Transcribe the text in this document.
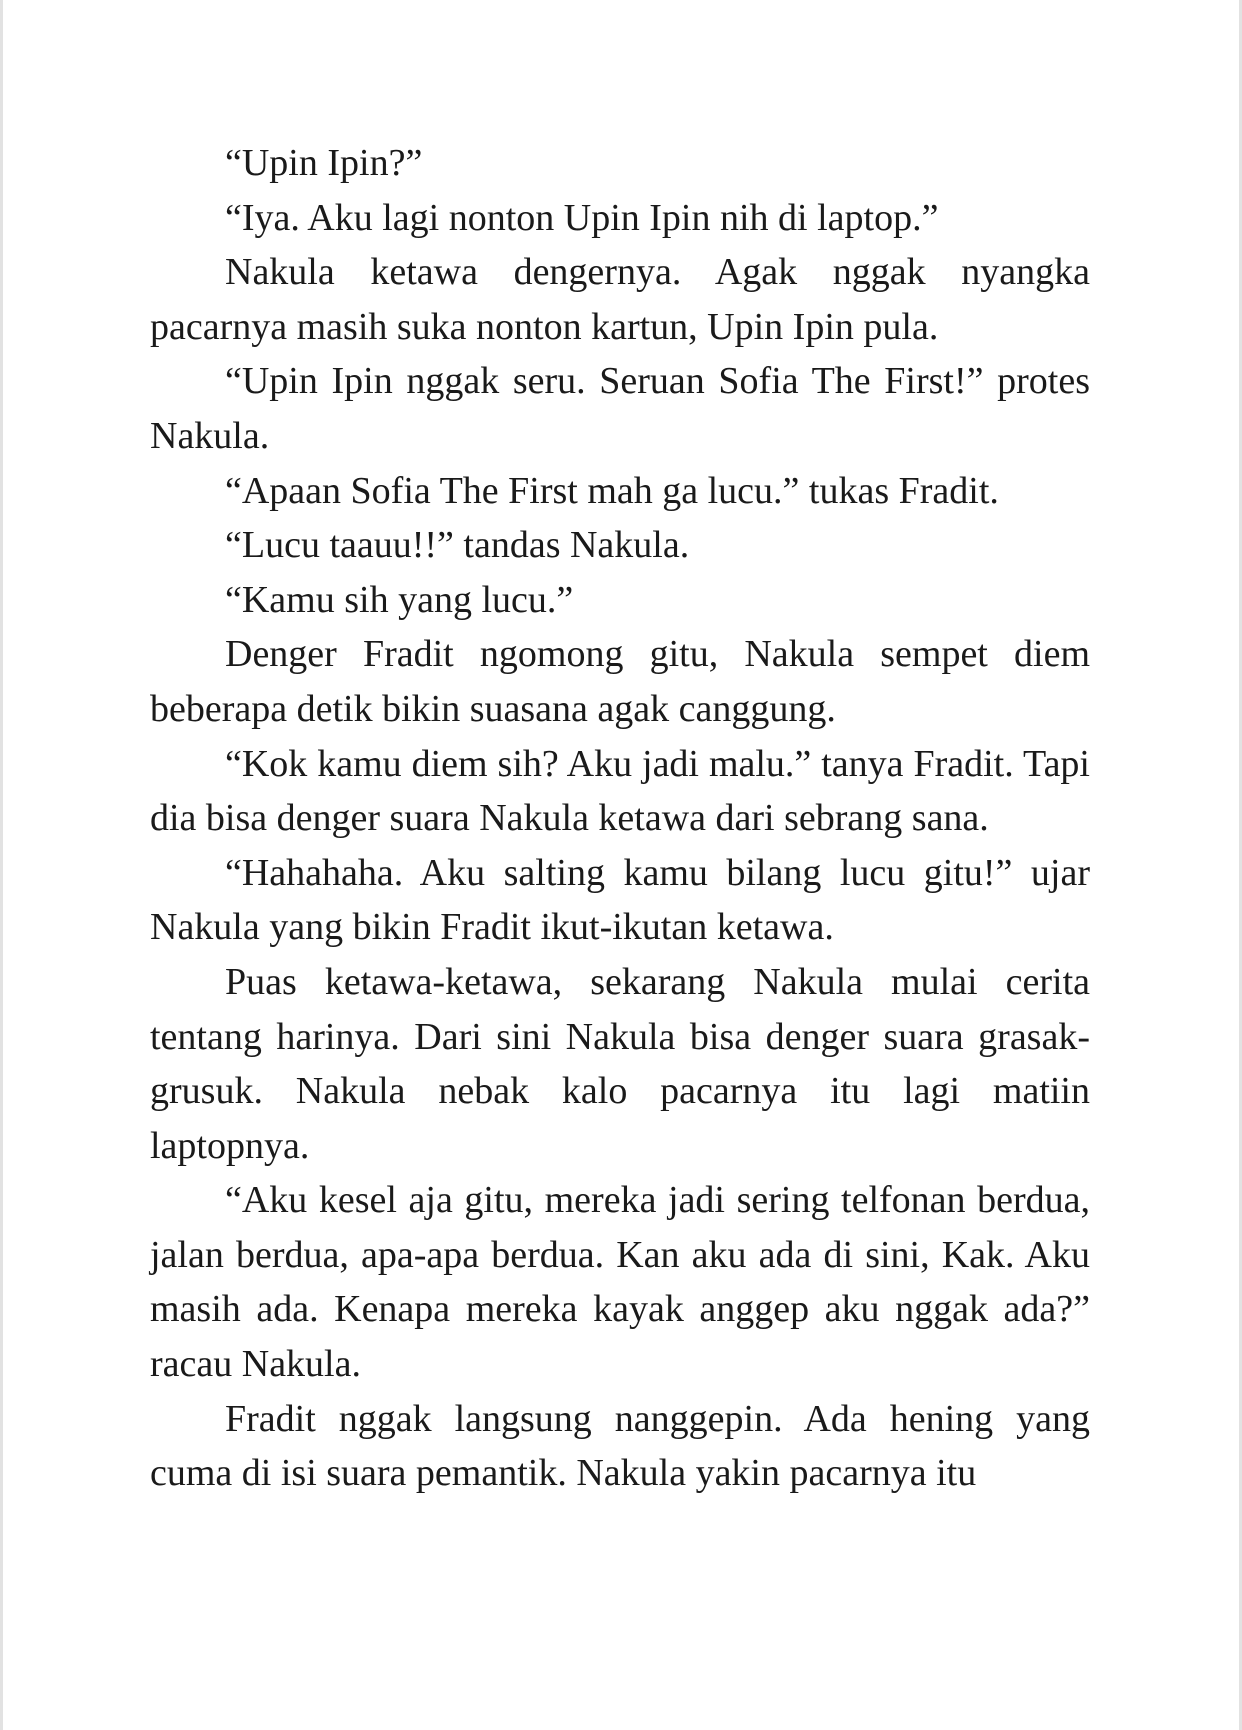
“Upin Ipin?”

“Iya. Aku lagi nonton Upin Ipin nih di laptop.”

Nakula ketawa dengernya. Agak nggak nyangka pacarnya masih suka nonton kartun, Upin Ipin pula.

“Upin Ipin nggak seru. Seruan Sofia The First!” protes Nakula.

“Apaan Sofia The First mah ga lucu.” tukas Fradit.

“Lucu taauu!!” tandas Nakula.

“Kamu sih yang lucu.”

Denger Fradit ngomong gitu, Nakula sempet diem beberapa detik bikin suasana agak canggung.

“Kok kamu diem sih? Aku jadi malu.” tanya Fradit. Tapi dia bisa denger suara Nakula ketawa dari sebrang sana.

“Hahahaha. Aku salting kamu bilang lucu gitu!” ujar Nakula yang bikin Fradit ikut-ikutan ketawa.

Puas ketawa-ketawa, sekarang Nakula mulai cerita tentang harinya. Dari sini Nakula bisa denger suara grasak-grusuk. Nakula nebak kalo pacarnya itu lagi matiin laptopnya.

“Aku kesel aja gitu, mereka jadi sering telfonan berdua, jalan berdua, apa-apa berdua. Kan aku ada di sini, Kak. Aku masih ada. Kenapa mereka kayak anggep aku nggak ada?” racau Nakula.

Fradit nggak langsung nanggepin. Ada hening yang cuma di isi suara pemantik. Nakula yakin pacarnya itu
